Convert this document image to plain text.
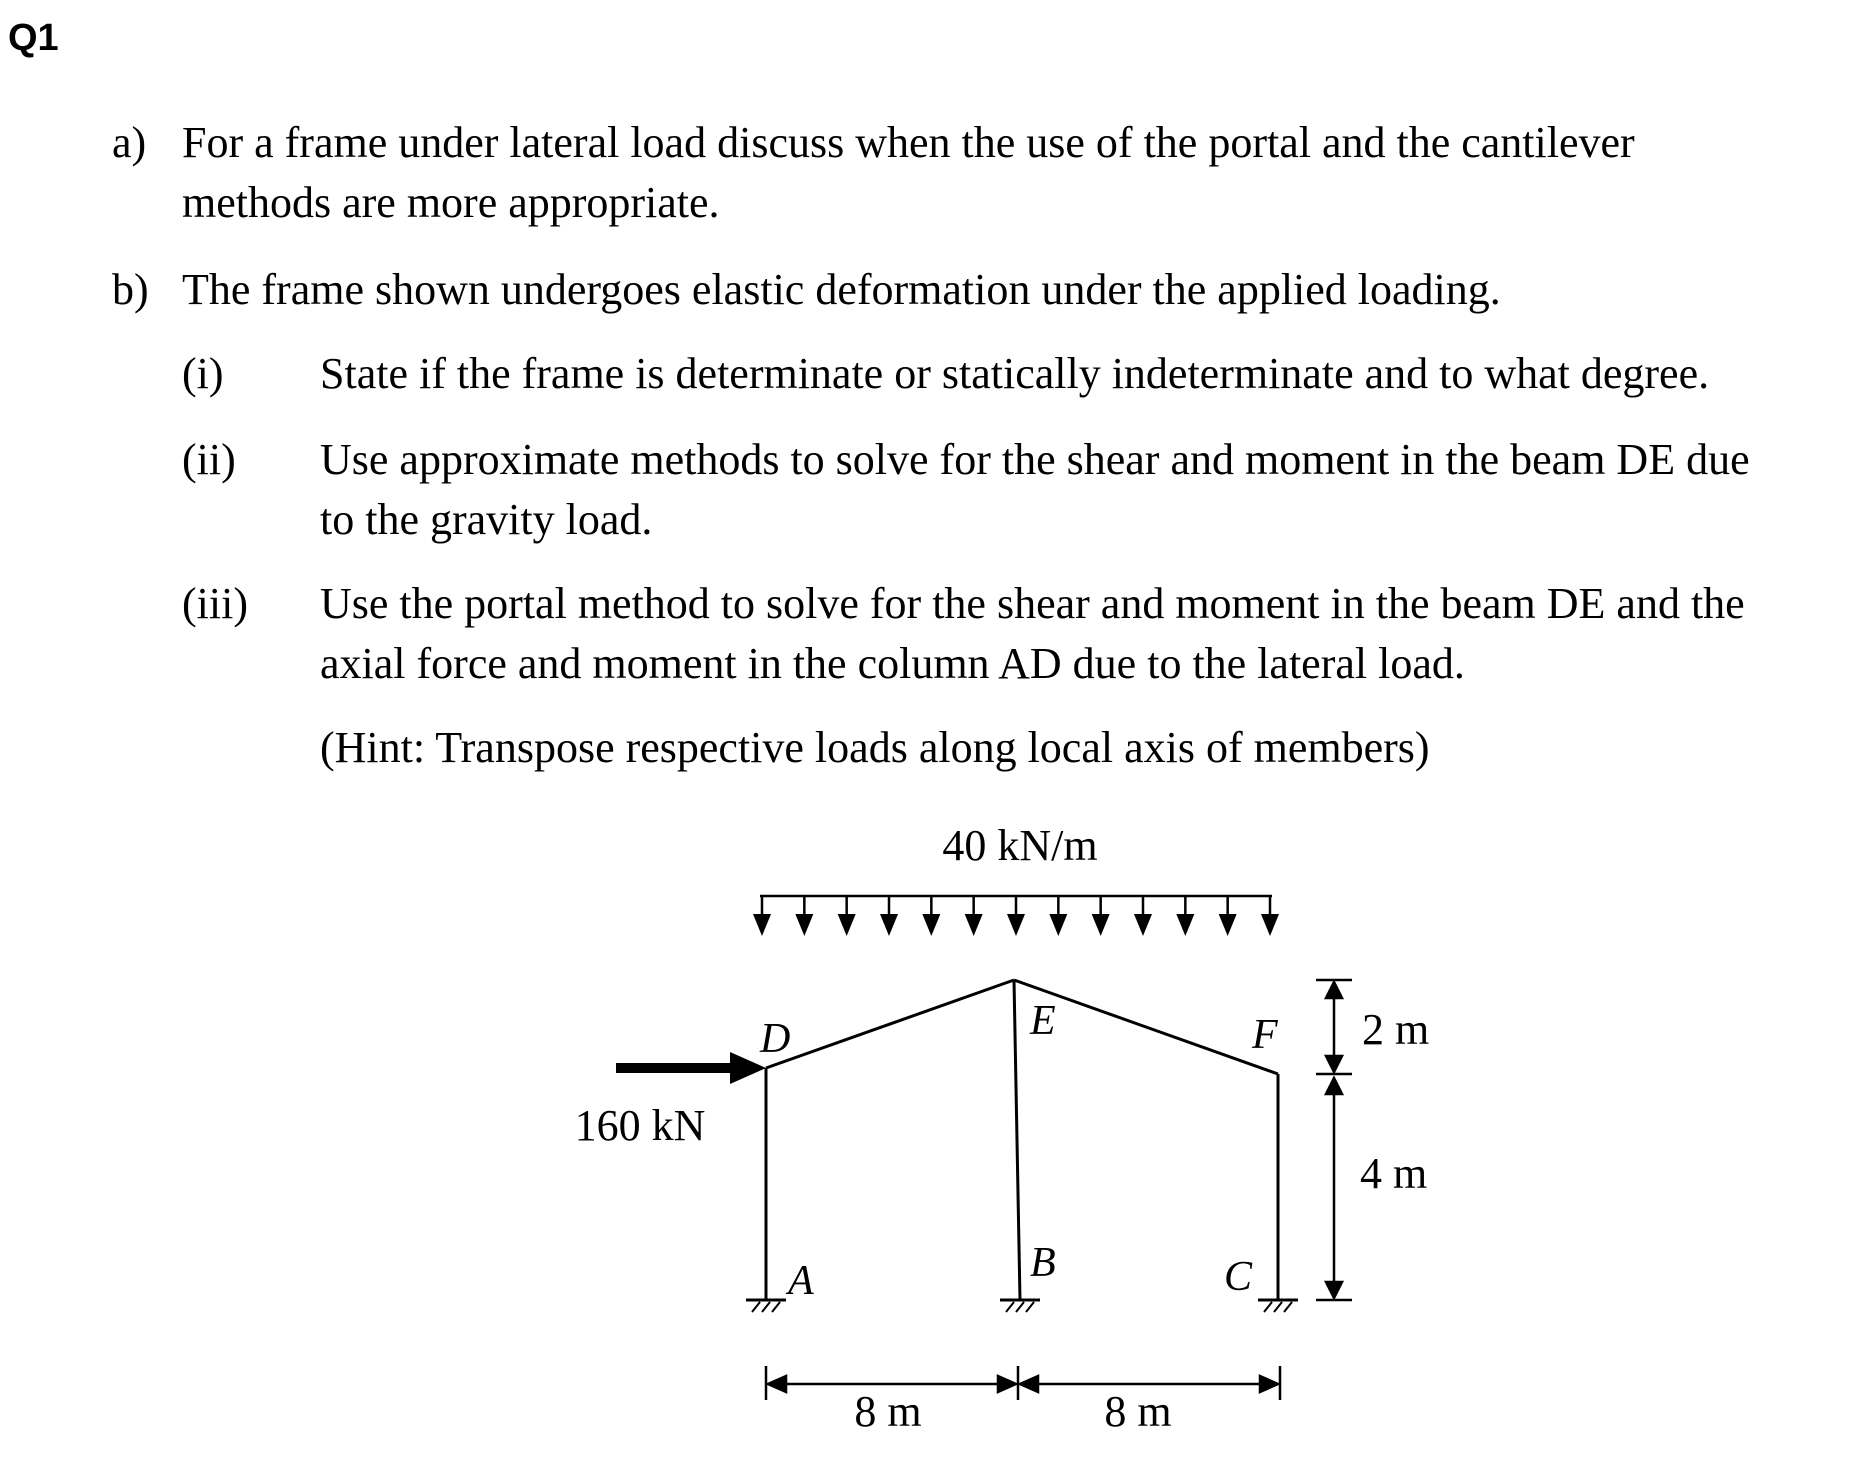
Q1
a) For a frame under lateral load discuss when the use of the portal and the cantilever
methods are more appropriate.
b) The frame shown undergoes elastic deformation under the applied loading.
(i) State if the frame is determinate or statically indeterminate and to what degree.
(ii) Use approximate methods to solve for the shear and moment in the beam DE due
to the gravity load.
(iii) Use the portal method to solve for the shear and moment in the beam DE and the
axial force and moment in the column AD due to the lateral load.
(Hint: Transpose respective loads along local axis of members)
40 kN/m
160 kN
D	E	F
A	B	C
2 m
4 m
8 m	8 m
